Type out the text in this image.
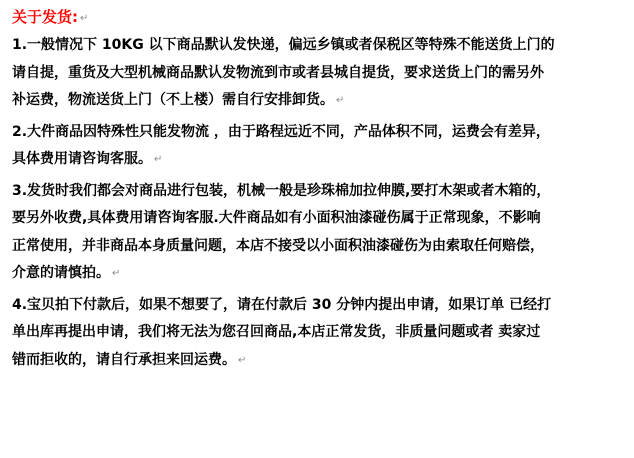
关于发货: ↵
1.一般情况下 10KG 以下商品默认发快递，偏远乡镇或者保税区等特殊不能送货上门的
请自提，重货及大型机械商品默认发物流到市或者县城自提货，要求送货上门的需另外
补运费，物流送货上门（不上楼）需自行安排卸货。 ↵
2.大件商品因特殊性只能发物流 ，由于路程远近不同，产品体积不同，运费会有差异，
具体费用请咨询客服。 ↵
3.发货时我们都会对商品进行包装，机械一般是珍珠棉加拉伸膜,要打木架或者木箱的，
要另外收费,具体费用请咨询客服.大件商品如有小面积油漆碰伤属于正常现象，不影响
正常使用，并非商品本身质量问题，本店不接受以小面积油漆碰伤为由索取任何赔偿，
介意的请慎拍。 ↵
4.宝贝拍下付款后，如果不想要了，请在付款后 30 分钟内提出申请，如果订单 已经打
单出库再提出申请，我们将无法为您召回商品,本店正常发货，非质量问题或者 卖家过
错而拒收的，请自行承担来回运费。 ↵
